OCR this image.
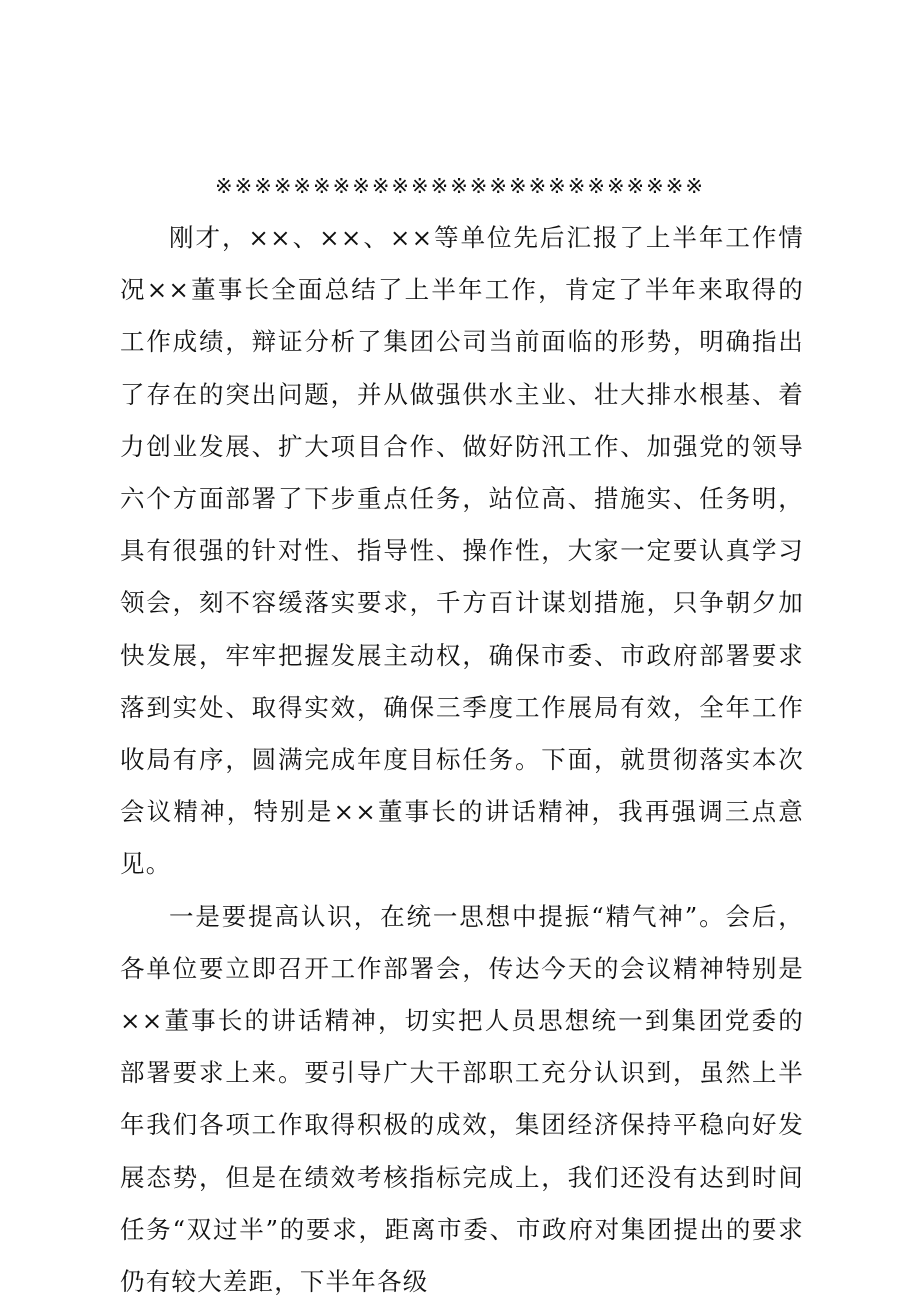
※※※※※※※※※※※※※※※※※※※※※※※※※

刚才，××、××、××等单位先后汇报了上半年工作情况××董事长全面总结了上半年工作，肯定了半年来取得的工作成绩，辩证分析了集团公司当前面临的形势，明确指出了存在的突出问题，并从做强供水主业、壮大排水根基、着力创业发展、扩大项目合作、做好防汛工作、加强党的领导六个方面部署了下步重点任务，站位高、措施实、任务明，具有很强的针对性、指导性、操作性，大家一定要认真学习领会，刻不容缓落实要求，千方百计谋划措施，只争朝夕加快发展，牢牢把握发展主动权，确保市委、市政府部署要求落到实处、取得实效，确保三季度工作展局有效，全年工作收局有序，圆满完成年度目标任务。下面，就贯彻落实本次会议精神，特别是××董事长的讲话精神，我再强调三点意见。

一是要提高认识，在统一思想中提振“精气神”。会后，各单位要立即召开工作部署会，传达今天的会议精神特别是××董事长的讲话精神，切实把人员思想统一到集团党委的部署要求上来。要引导广大干部职工充分认识到，虽然上半年我们各项工作取得积极的成效，集团经济保持平稳向好发展态势，但是在绩效考核指标完成上，我们还没有达到时间任务“双过半”的要求，距离市委、市政府对集团提出的要求仍有较大差距，下半年各级
